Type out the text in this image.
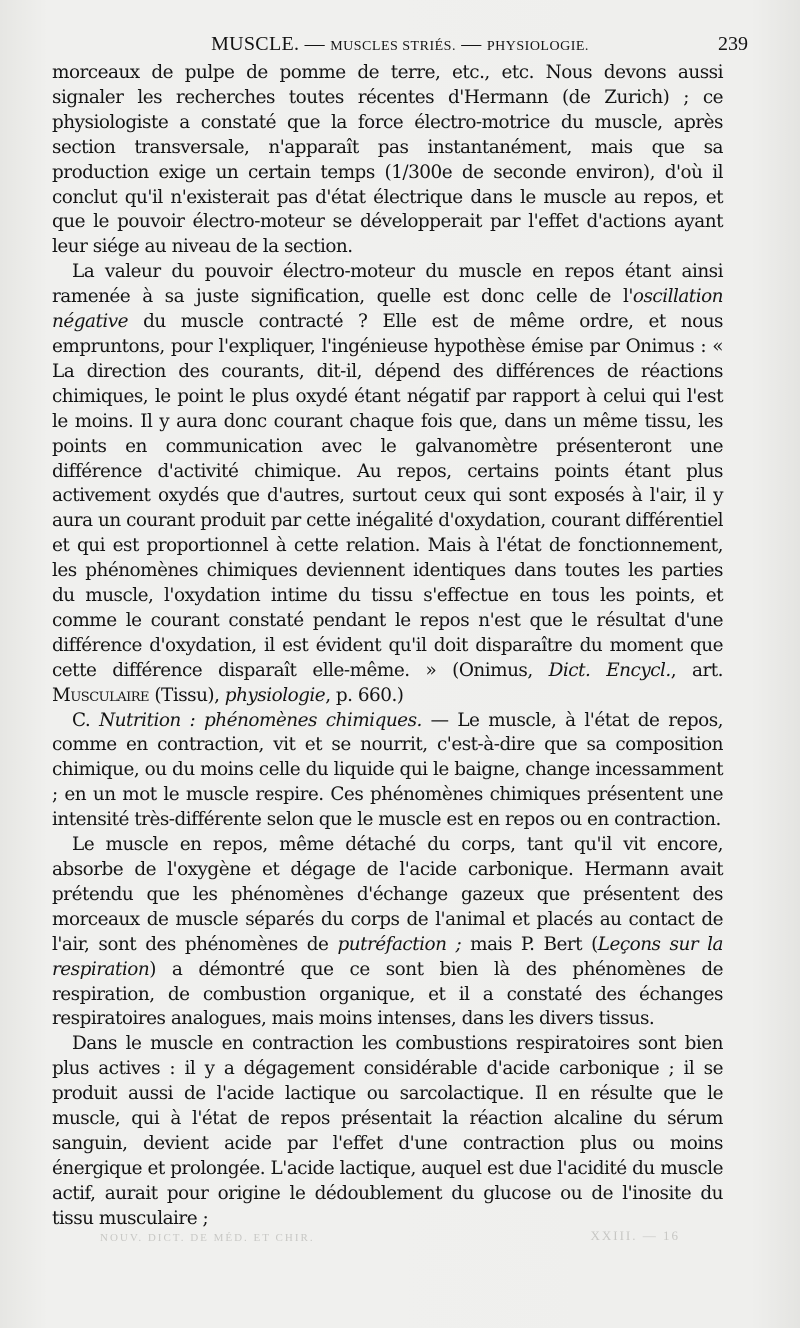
MUSCLE. — MUSCLES STRIÉS. — PHYSIOLOGIE.	239

morceaux de pulpe de pomme de terre, etc., etc. Nous devons aussi signaler les recherches toutes récentes d'Hermann (de Zurich) ; ce physiologiste a constaté que la force électro-motrice du muscle, après section transversale, n'apparaît pas instantanément, mais que sa production exige un certain temps (1/300e de seconde environ), d'où il conclut qu'il n'existerait pas d'état électrique dans le muscle au repos, et que le pouvoir électro-moteur se développerait par l'effet d'actions ayant leur siége au niveau de la section.

La valeur du pouvoir électro-moteur du muscle en repos étant ainsi ramenée à sa juste signification, quelle est donc celle de l'oscillation négative du muscle contracté ? Elle est de même ordre, et nous empruntons, pour l'expliquer, l'ingénieuse hypothèse émise par Onimus : « La direction des courants, dit-il, dépend des différences de réactions chimiques, le point le plus oxydé étant négatif par rapport à celui qui l'est le moins. Il y aura donc courant chaque fois que, dans un même tissu, les points en communication avec le galvanomètre présenteront une différence d'activité chimique. Au repos, certains points étant plus activement oxydés que d'autres, surtout ceux qui sont exposés à l'air, il y aura un courant produit par cette inégalité d'oxydation, courant différentiel et qui est proportionnel à cette relation. Mais à l'état de fonctionnement, les phénomènes chimiques deviennent identiques dans toutes les parties du muscle, l'oxydation intime du tissu s'effectue en tous les points, et comme le courant constaté pendant le repos n'est que le résultat d'une différence d'oxydation, il est évident qu'il doit disparaître du moment que cette différence disparaît elle-même. » (Onimus, Dict. Encycl., art. Musculaire (Tissu), physiologie, p. 660.)

C. Nutrition : phénomènes chimiques. — Le muscle, à l'état de repos, comme en contraction, vit et se nourrit, c'est-à-dire que sa composition chimique, ou du moins celle du liquide qui le baigne, change incessamment ; en un mot le muscle respire. Ces phénomènes chimiques présentent une intensité très-différente selon que le muscle est en repos ou en contraction.

Le muscle en repos, même détaché du corps, tant qu'il vit encore, absorbe de l'oxygène et dégage de l'acide carbonique. Hermann avait prétendu que les phénomènes d'échange gazeux que présentent des morceaux de muscle séparés du corps de l'animal et placés au contact de l'air, sont des phénomènes de putréfaction ; mais P. Bert (Leçons sur la respiration) a démontré que ce sont bien là des phénomènes de respiration, de combustion organique, et il a constaté des échanges respiratoires analogues, mais moins intenses, dans les divers tissus.

Dans le muscle en contraction les combustions respiratoires sont bien plus actives : il y a dégagement considérable d'acide carbonique ; il se produit aussi de l'acide lactique ou sarcolactique. Il en résulte que le muscle, qui à l'état de repos présentait la réaction alcaline du sérum sanguin, devient acide par l'effet d'une contraction plus ou moins énergique et prolongée. L'acide lactique, auquel est due l'acidité du muscle actif, aurait pour origine le dédoublement du glucose ou de l'inosite du tissu musculaire ;

NOUV. DICT. DE MÉD. ET CHIR.	XXIII. — 16
